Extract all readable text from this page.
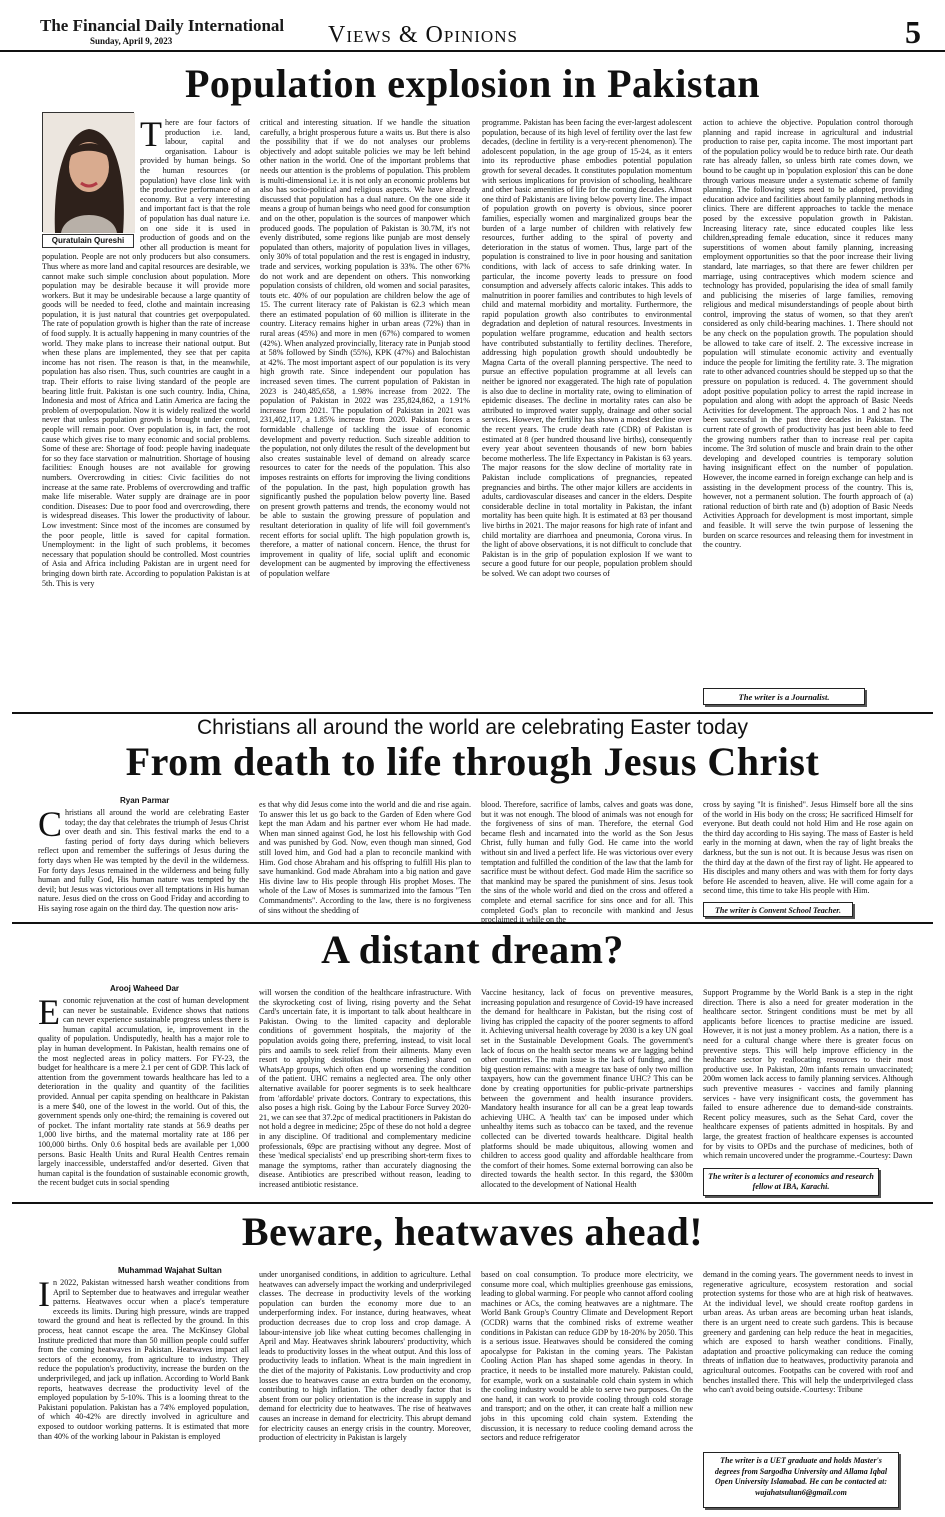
The Financial Daily International
Sunday, April 9, 2023	Views & Opinions	5
Population explosion in Pakistan
Quratulain Qureshi
There are four factors of production i.e. land, labour, capital and organisation. Labour is provided by human beings. So the human resources (or population) have close link with the productive performance of an economy. But a very interesting and important fact is that the role of population has dual nature i.e. on one side it is used in production of goods and on the other all production is meant for population. People are not only producers but also consumers. Thus where as more land and capital resources are desirable, we cannot make such simple conclusion about population. More population may be desirable because it will provide more workers. But it may be undesirable because a large quantity of goods will be needed to feed, clothe and maintain increasing population, it is just natural that countries get overpopulated. The rate of population growth is higher than the rate of increase of food supply. It is actually happening in many countries of the world. They make plans to increase their national output. But when these plans are implemented, they see that per capita income has not risen. The reason is that, in the meanwhile, population has also risen. Thus, such countries are caught in a trap. Their efforts to raise living standard of the people are bearing little fruit. Pakistan is one such country. India, China, Indonesia and most of Africa and Latin America are facing the problem of overpopulation. Now it is widely realized the world never that unless population growth is brought under control, people will remain poor. Over population is, in fact, the root cause which gives rise to many economic and social problems. Some of these are: Shortage of food: people having inadequate for so they face starvation or malnutrition. Shortage of housing facilities: Enough houses are not available for growing numbers. Overcrowding in cities: Civic facilities do not increase at the same rate. Problems of overcrowding and traffic make life miserable. Water supply are drainage are in poor condition. Diseases: Due to poor food and overcrowding, there is widespread diseases. This lower the productivity of labour. Low investment: Since most of the incomes are consumed by the poor people, little is saved for capital formation. Unemployment: in the light of such problems, it becomes necessary that population should be controlled. Most countries of Asia and Africa including Pakistan are in urgent need for bringing down birth rate. According to population Pakistan is at 5th. This is very
critical and interesting situation. If we handle the situation carefully, a bright prosperous future a waits us. But there is also the possibility that if we do not analyses our problems objectively and adopt suitable policies we may be left behind other nation in the world. One of the important problems that needs our attention is the problems of population. This problem is multi-dimensional i.e. it is not only an economic problems but also has socio-political and religious aspects. We have already discussed that population has a dual nature. On the one side it means a group of human beings who need good for consumption and on the other, population is the sources of manpower which produced goods. The population of Pakistan is 30.7M, it's not evenly distributed, some regions like punjab are most densely populated than others, majority of population lives in villages, only 30% of total population and the rest is engaged in industry, trade and services, working population is 33%. The other 67% do not work and are dependent on others. This nonworking population consists of children, old women and social parasites, touts etc. 40% of our population are children below the age of 15. The current literacy rate of Pakistan is 62.3 which mean there an estimated population of 60 million is illiterate in the country. Literacy remains higher in urban areas (72%) than in rural areas (45%) and more in men (67%) compared to women (42%). When analyzed provincially, literacy rate in Punjab stood at 58% followed by Sindh (55%), KPK (47%) and Balochistan at 42%. The most important aspect of our population is its very high growth rate. Since independent our population has increased seven times. The current population of Pakistan in 2023 is 240,485,658, a 1.98% increase from 2022. The population of Pakistan in 2022 was 235,824,862, a 1.91% increase from 2021. The population of Pakistan in 2021 was 231,402,117, a 1.85% increase from 2020. Pakistan forces a formidable challenge of tackling the issue of economic development and poverty reduction. Such sizeable addition to the population, not only dilutes the result of the development but also creates sustainable level of demand on already scarce resources to cater for the needs of the population. This also imposes restraints on efforts for improving the living conditions of the population. In the past, high population growth has significantly pushed the population below poverty line. Based on present growth patterns and trends, the economy would not be able to sustain the growing pressure of population and resultant deterioration in quality of life will foil government's recent efforts for social uplift. The high population growth is, therefore, a matter of national concern. Hence, the thrust for improvement in quality of life, social uplift and economic development can be augmented by improving the effectiveness of population welfare
programme. Pakistan has been facing the ever-largest adolescent population, because of its high level of fertility over the last few decades, (decline in fertility is a very-recent phenomenon). The adolescent population, in the age group of 15-24, as it enters into its reproductive phase embodies potential population growth for several decades. It constitutes population momentum with serious implications for provision of schooling, healthcare and other basic amenities of life for the coming decades. Almost one third of Pakistanis are living below poverty line. The impact of population growth on poverty is obvious, since poorer families, especially women and marginalized groups bear the burden of a large number of children with relatively few resources, further adding to the spiral of poverty and deterioration in the status of women. Thus, large part of the population is constrained to live in poor housing and sanitation conditions, with lack of access to safe drinking water. In particular, the income poverty leads to pressure on food consumption and adversely affects caloric intakes. This adds to malnutrition in poorer families and contributes to high levels of child and maternal morbidity and mortality. Furthermore, the rapid population growth also contributes to environmental degradation and depletion of natural resources. Investments in population welfare programme, education and health sectors have contributed substantially to fertility declines. Therefore, addressing high population growth should undoubtedly be Magna Carta of the overall planning perspective. The need to pursue an effective population programme at all levels can neither be ignored nor exaggerated. The high rate of population is also due to decline in mortality rate, owing to elimination of epidemic diseases. The decline in mortality rates can also be attributed to improved water supply, drainage and other social services. However, the fertility has shown a modest decline over the recent years. The crude death rate (CDR) of Pakistan is estimated at 8 (per hundred thousand live births), consequently every year about seventeen thousands of new born babies become motherless. The life Expectancy in Pakistan is 63 years. The major reasons for the slow decline of mortality rate in Pakistan include complications of pregnancies, repeated pregnancies and births. The other major killers are accidents in adults, cardiovascular diseases and cancer in the elders. Despite considerable decline in total mortality in Pakistan, the infant mortality has been quite high. It is estimated at 83 per thousand live births in 2021. The major reasons for high rate of infant and child mortality are diarrhoea and pneumonia, Corona virus. In the light of above observations, it is not difficult to conclude that Pakistan is in the grip of population explosion If we want to secure a good future for our people, population problem should be solved. We can adopt two courses of
action to achieve the objective. Population control thorough planning and rapid increase in agricultural and industrial production to raise per, capita income. The most important part of the population policy would be to reduce birth rate. Our death rate has already fallen, so unless birth rate comes down, we bound to be caught up in 'population explosion' this can be done through various measure under a systematic scheme of family planning. The following steps need to be adopted, providing education advice and facilities about family planning methods in clinics. There are different approaches to tackle the menace posed by the excessive population growth in Pakistan. Increasing literacy rate, since educated couples like less children,spreading female education, since it reduces many superstitions of women about family planning, increasing employment opportunities so that the poor increase their living standard, late marriages, so that there are fewer children per marriage, using contraceptives which modern science and technology has provided, popularising the idea of small family and publicising the miseries of large families, removing religious and medical misunderstandings of people about birth control, improving the status of women, so that they aren't considered as only child-bearing machines. 1. There should not be any check on the population growth. The population should be allowed to take care of itself. 2. The excessive increase in population will stimulate economic activity and eventually induce the people for limiting the fertility rate. 3. The migration rate to other advanced countries should be stepped up so that the pressure on population is reduced. 4. The government should adopt positive population policy to arrest the rapid increase in population and along with adopt the approach of Basic Needs Activities for development. The approach Nos. 1 and 2 has not been successful in the past three decades in Pakistan. The current rate of growth of productivity has just been able to feed the growing numbers rather than to increase real per capita income. The 3rd solution of muscle and brain drain to the other developing and developed countries is temporary solution having insignificant effect on the number of population. However, the income earned in foreign exchange can help and is assisting in the development process of the country. This is, however, not a permanent solution. The fourth approach of (a) rational reduction of birth rate and (b) adoption of Basic Needs Activities Approach for development is most important, simple and feasible. It will serve the twin purpose of lessening the burden on scarce resources and releasing them for investment in the country.
The writer is a Journalist.
Christians all around the world are celebrating Easter today
From death to life through Jesus Christ
Ryan Parmar
Christians all around the world are celebrating Easter today; the day that celebrates the triumph of Jesus Christ over death and sin. This festival marks the end to a fasting period of forty days during which believers reflect upon and remember the sufferings of Jesus during the forty days when He was tempted by the devil in the wilderness. For forty days Jesus remained in the wilderness and being fully human and fully God, His human nature was tempted by the devil; but Jesus was victorious over all temptations in His human nature. Jesus died on the cross on Good Friday and according to His saying rose again on the third day. The question now aris-
es that why did Jesus come into the world and die and rise again. To answer this let us go back to the Garden of Eden where God kept the man Adam and his partner ever whom He had made. When man sinned against God, he lost his fellowship with God and was punished by God. Now, even though man sinned, God still loved him, and God had a plan to reconcile mankind with Him. God chose Abraham and his offspring to fulfill His plan to save humankind. God made Abraham into a big nation and gave His divine law to His people through His prophet Moses. The whole of the Law of Moses is summarized into the famous "Ten Commandments". According to the law, there is no forgiveness of sins without the shedding of
blood. Therefore, sacrifice of lambs, calves and goats was done, but it was not enough. The blood of animals was not enough for the forgiveness of sins of man. Therefore, the eternal God became flesh and incarnated into the world as the Son Jesus Christ, fully human and fully God. He came into the world without sin and lived a perfect life. He was victorious over every temptation and fulfilled the condition of the law that the lamb for sacrifice must be without defect. God made Him the sacrifice so that mankind may be spared the punishment of sins. Jesus took the sins of the whole world and died on the cross and offered a complete and eternal sacrifice for sins once and for all. This completed God's plan to reconcile with mankind and Jesus proclaimed it while on the
cross by saying "It is finished". Jesus Himself bore all the sins of the world in His body on the cross; He sacrificed Himself for everyone. But death could not hold Him and He rose again on the third day according to His saying. The mass of Easter is held early in the morning at dawn, when the ray of light breaks the darkness, but the sun is not out. It is because Jesus was risen on the third day at the dawn of the first ray of light. He appeared to His disciples and many others and was with them for forty days before He ascended to heaven, alive. He will come again for a second time, this time to take His people with Him.
The writer is Convent School Teacher.
A distant dream?
Arooj Waheed Dar
Economic rejuvenation at the cost of human development can never be sustainable. Evidence shows that nations can never experience sustainable progress unless there is human capital accumulation, ie, improvement in the quality of population. Undisputedly, health has a major role to play in human development. In Pakistan, health remains one of the most neglected areas in policy matters. For FY-23, the budget for healthcare is a mere 2.1 per cent of GDP. This lack of attention from the government towards healthcare has led to a deterioration in the quality and quantity of the facilities provided. Annual per capita spending on healthcare in Pakistan is a mere $40, one of the lowest in the world. Out of this, the government spends only one-third; the remaining is covered out of pocket. The infant mortality rate stands at 56.9 deaths per 1,000 live births, and the maternal mortality rate at 186 per 100,000 births. Only 0.6 hospital beds are available per 1,000 persons. Basic Health Units and Rural Health Centres remain largely inaccessible, understaffed and/or deserted. Given that human capital is the foundation of sustainable economic growth, the recent budget cuts in social spending
will worsen the condition of the healthcare infrastructure. With the skyrocketing cost of living, rising poverty and the Sehat Card's uncertain fate, it is important to talk about healthcare in Pakistan. Owing to the limited capacity and deplorable conditions of government hospitals, the majority of the population avoids going there, preferring, instead, to visit local pirs and aamils to seek relief from their ailments. Many even resort to applying desitotkas (home remedies) shared on WhatsApp groups, which often end up worsening the condition of the patient. UHC remains a neglected area. The only other alternative available for poorer segments is to seek healthcare from 'affordable' private doctors. Contrary to expectations, this also poses a high risk. Going by the Labour Force Survey 2020-21, we can see that 37.2pc of medical practitioners in Pakistan do not hold a degree in medicine; 25pc of these do not hold a degree in any discipline. Of traditional and complementary medicine professionals, 69pc are practising without any degree. Most of these 'medical specialists' end up prescribing short-term fixes to manage the symptoms, rather than accurately diagnosing the disease. Antibiotics are prescribed without reason, leading to increased antibiotic resistance.
Vaccine hesitancy, lack of focus on preventive measures, increasing population and resurgence of Covid-19 have increased the demand for healthcare in Pakistan, but the rising cost of living has crippled the capacity of the poorer segments to afford it. Achieving universal health coverage by 2030 is a key UN goal set in the Sustainable Development Goals. The government's lack of focus on the health sector means we are lagging behind other countries. The main issue is the lack of funding, and the big question remains: with a meagre tax base of only two million taxpayers, how can the government finance UHC? This can be done by creating opportunities for public-private partnerships between the government and health insurance providers. Mandatory health insurance for all can be a great leap towards achieving UHC. A 'health tax' can be imposed under which unhealthy items such as tobacco can be taxed, and the revenue collected can be diverted towards healthcare. Digital health platforms should be made ubiquitous, allowing women and children to access good quality and affordable healthcare from the comfort of their homes. Some external borrowing can also be directed towards the health sector. In this regard, the $300m allocated to the development of National Health
Support Programme by the World Bank is a step in the right direction. There is also a need for greater moderation in the healthcare sector. Stringent conditions must be met by all applicants before licences to practise medicine are issued. However, it is not just a money problem. As a nation, there is a need for a cultural change where there is greater focus on preventive steps. This will help improve efficiency in the healthcare sector by reallocating resources to their most productive use. In Pakistan, 20m infants remain unvaccinated; 200m women lack access to family planning services. Although such preventive measures - vaccines and family planning services - have very insignificant costs, the government has failed to ensure adherence due to demand-side constraints. Recent policy measures, such as the Sehat Card, cover the healthcare expenses of patients admitted in hospitals. By and large, the greatest fraction of healthcare expenses is accounted for by visits to OPDs and the purchase of medicines, both of which remain uncovered under the programme.-Courtesy: Dawn
The writer is a lecturer of economics and research fellow at IBA, Karachi.
Beware, heatwaves ahead!
Muhammad Wajahat Sultan
In 2022, Pakistan witnessed harsh weather conditions from April to September due to heatwaves and irregular weather patterns. Heatwaves occur when a place's temperature exceeds its limits. During high pressure, winds are trapped toward the ground and heat is reflected by the ground. In this process, heat cannot escape the area. The McKinsey Global Institute predicted that more than 50 million people could suffer from the coming heatwaves in Pakistan. Heatwaves impact all sectors of the economy, from agriculture to industry. They reduce the population's productivity, increase the burden on the underprivileged, and jack up inflation. According to World Bank reports, heatwaves decrease the productivity level of the employed population by 5-10%. This is a looming threat to the Pakistani population. Pakistan has a 74% employed population, of which 40-42% are directly involved in agriculture and exposed to outdoor working patterns. It is estimated that more than 40% of the working labour in Pakistan is employed
under unorganised conditions, in addition to agriculture. Lethal heatwaves can adversely impact the working and underprivileged classes. The decrease in productivity levels of the working population can burden the economy more due to an underperforming index. For instance, during heatwaves, wheat production decreases due to crop loss and crop damage. A labour-intensive job like wheat cutting becomes challenging in April and May. Heatwaves shrink labourers' productivity, which leads to productivity losses in the wheat output. And this loss of productivity leads to inflation. Wheat is the main ingredient in the diet of the majority of Pakistanis. Low productivity and crop losses due to heatwaves cause an extra burden on the economy, contributing to high inflation. The other deadly factor that is absent from our policy orientation is the increase in supply and demand for electricity due to heatwaves. The rise of heatwaves causes an increase in demand for electricity. This abrupt demand for electricity causes an energy crisis in the country. Moreover, production of electricity in Pakistan is largely
based on coal consumption. To produce more electricity, we consume more coal, which multiplies greenhouse gas emissions, leading to global warming. For people who cannot afford cooling machines or ACs, the coming heatwaves are a nightmare. The World Bank Group's Country Climate and Development Report (CCDR) warns that the combined risks of extreme weather conditions in Pakistan can reduce GDP by 18-20% by 2050. This is a serious issue. Heatwaves should be considered the coming apocalypse for Pakistan in the coming years. The Pakistan Cooling Action Plan has shaped some agendas in theory. In practice, it needs to be installed more maturely. Pakistan could, for example, work on a sustainable cold chain system in which the cooling industry would be able to serve two purposes. On the one hand, it can work to provide cooling through cold storage and transport; and on the other, it can create half a million new jobs in this upcoming cold chain system. Extending the discussion, it is necessary to reduce cooling demand across the sectors and reduce refrigerator
demand in the coming years. The government needs to invest in regenerative agriculture, ecosystem restoration and social protection systems for those who are at high risk of heatwaves. At the individual level, we should create rooftop gardens in urban areas. As urban areas are becoming urban heat islands, there is an urgent need to create such gardens. This is because greenery and gardening can help reduce the heat in megacities, which are exposed to harsh weather conditions. Finally, adaptation and proactive policymaking can reduce the coming threats of inflation due to heatwaves, productivity paranoia and agricultural outcomes. Footpaths can be covered with roof and benches installed there. This will help the underprivileged class who can't avoid being outside.-Courtesy: Tribune
The writer is a UET graduate and holds Master's degrees from Sargodha University and Allama Iqbal Open University Islamabad. He can be contacted at: wajahatsultan6@gmail.com
